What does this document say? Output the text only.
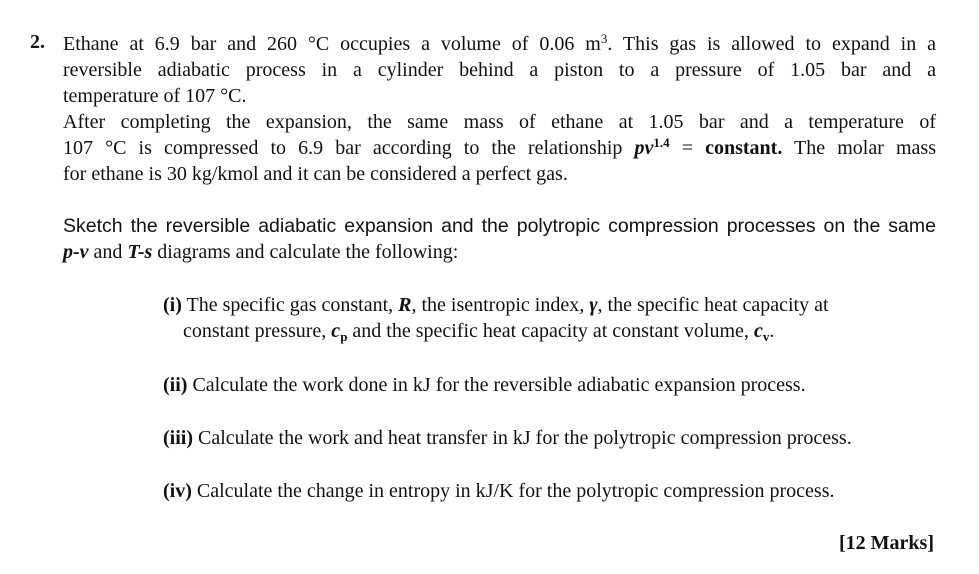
2. Ethane at 6.9 bar and 260 °C occupies a volume of 0.06 $m^3$. This gas is allowed to expand in a
reversible adiabatic process in a cylinder behind a piston to a pressure of 1.05 bar and a
temperature of 107 °C.
After completing the expansion, the same mass of ethane at 1.05 bar and a temperature of
107 °C is compressed to 6.9 bar according to the relationship $pv^{1.4}$ = constant. The molar mass
for ethane is 30 kg/kmol and it can be considered a perfect gas.
Sketch the reversible adiabatic expansion and the polytropic compression processes on the same
p-v and T-s diagrams and calculate the following:
(i) The specific gas constant, R, the isentropic index, γ, the specific heat capacity at
constant pressure, $c_p$ and the specific heat capacity at constant volume, $c_v$.
(ii) Calculate the work done in kJ for the reversible adiabatic expansion process.
(iii) Calculate the work and heat transfer in kJ for the polytropic compression process.
(iv) Calculate the change in entropy in kJ/K for the polytropic compression process.
[12 Marks]
